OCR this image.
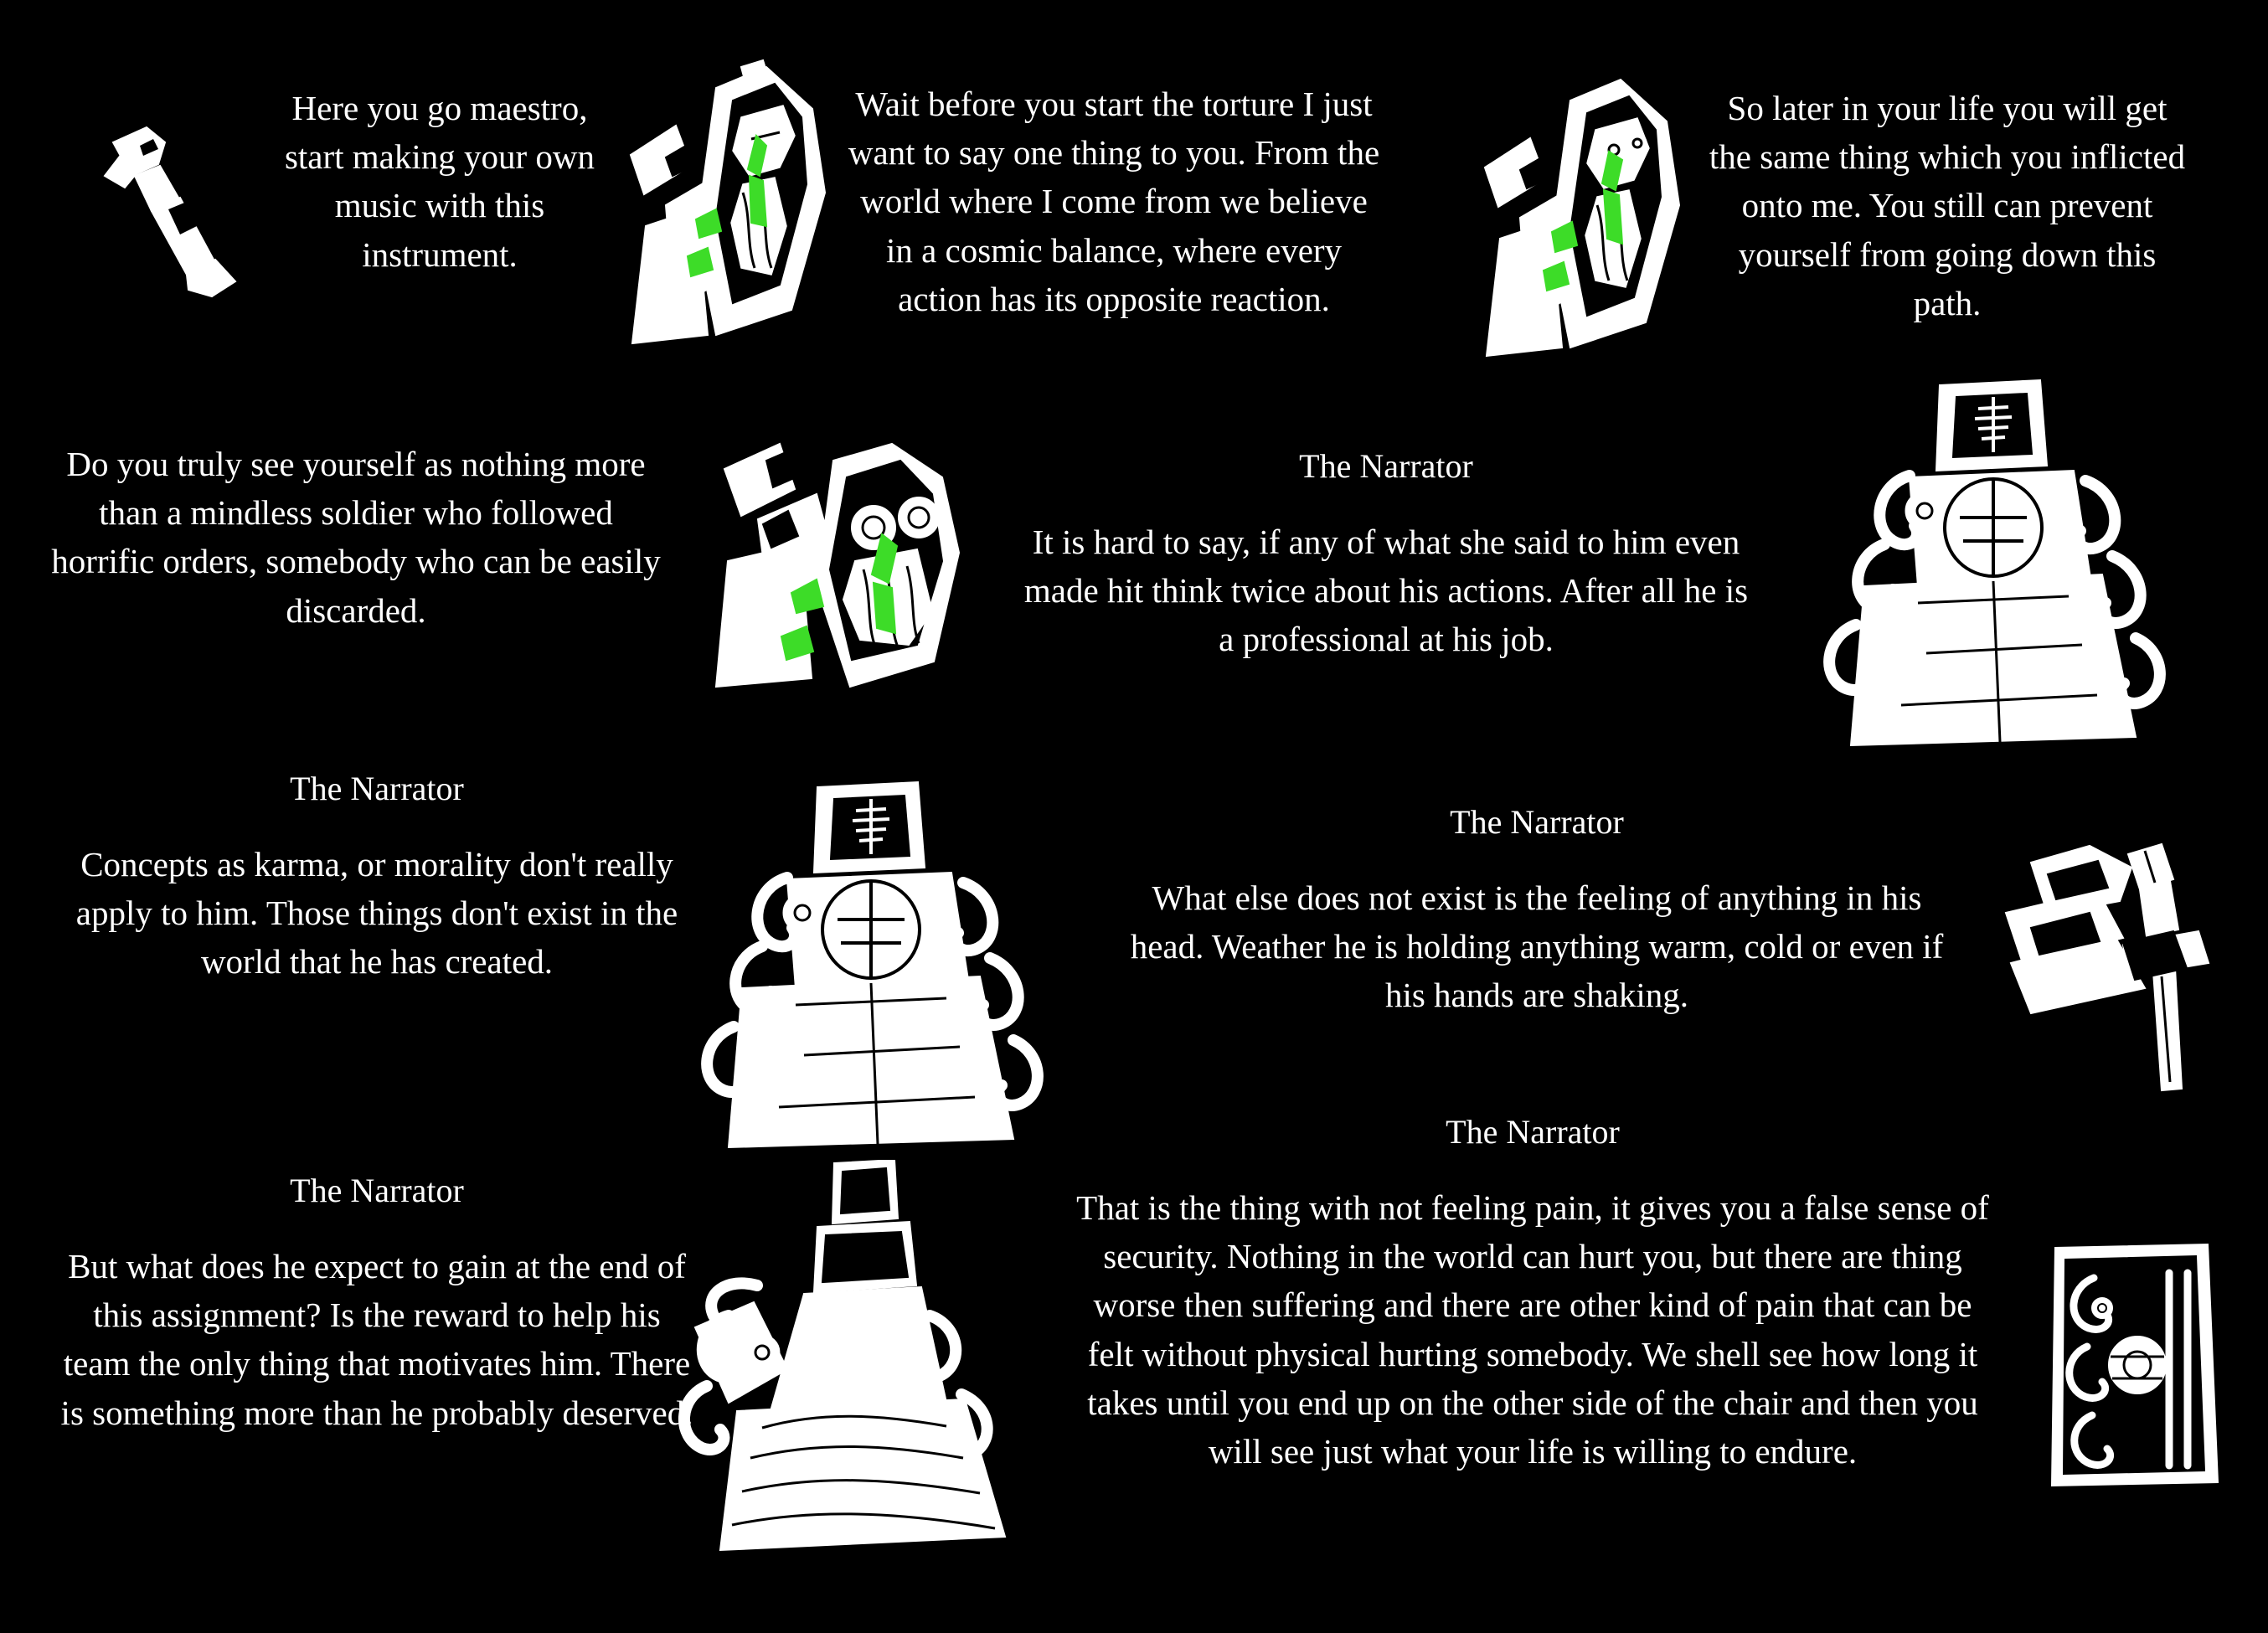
Here you go maestro, start making your own music with this instrument.
Wait before you start the torture I just want to say one thing to you. From the world where I come from we believe in a cosmic balance, where every action has its opposite reaction.
So later in your life you will get the same thing which you inflicted onto me. You still can prevent yourself from going down this path.
Do you truly see yourself as nothing more than a mindless soldier who followed horrific orders, somebody who can be easily discarded.
The Narrator
It is hard to say, if any of what she said to him even made hit think twice about his actions. After all he is a professional at his job.
The Narrator
Concepts as karma, or morality don't really apply to him. Those things don't exist in the world that he has created.
The Narrator
What else does not exist is the feeling of anything in his head. Weather he is holding anything warm, cold or even if his hands are shaking.
The Narrator
But what does he expect to gain at the end of this assignment? Is the reward to help his team the only thing that motivates him. There is something more than he probably deserved.
The Narrator
That is the thing with not feeling pain, it gives you a false sense of security. Nothing in the world can hurt you, but there are thing worse then suffering and there are other kind of pain that can be felt without physical hurting somebody. We shell see how long it takes until you end up on the other side of the chair and then you will see just what your life is willing to endure.
